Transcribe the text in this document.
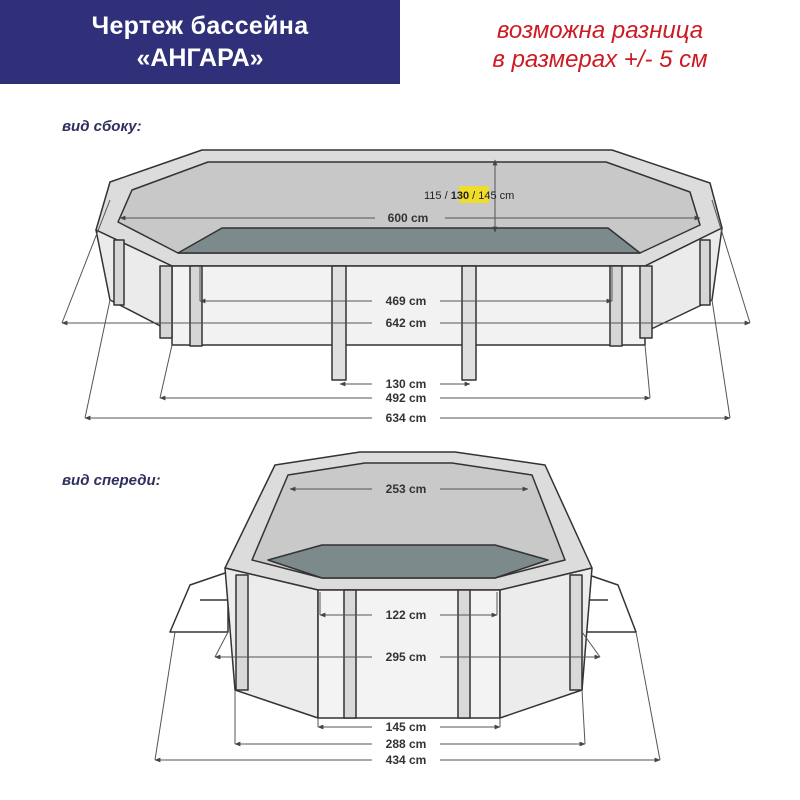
Чертеж бассейна
«АНГАРА»
возможна разница
в размерах +/- 5 см
вид сбоку:
вид спереди:
115 / 130 / 145 cm
600 cm
469 cm
642 cm
130 cm
492 cm
634 cm
253 cm
122 cm
295 cm
145 cm
288 cm
434 cm
